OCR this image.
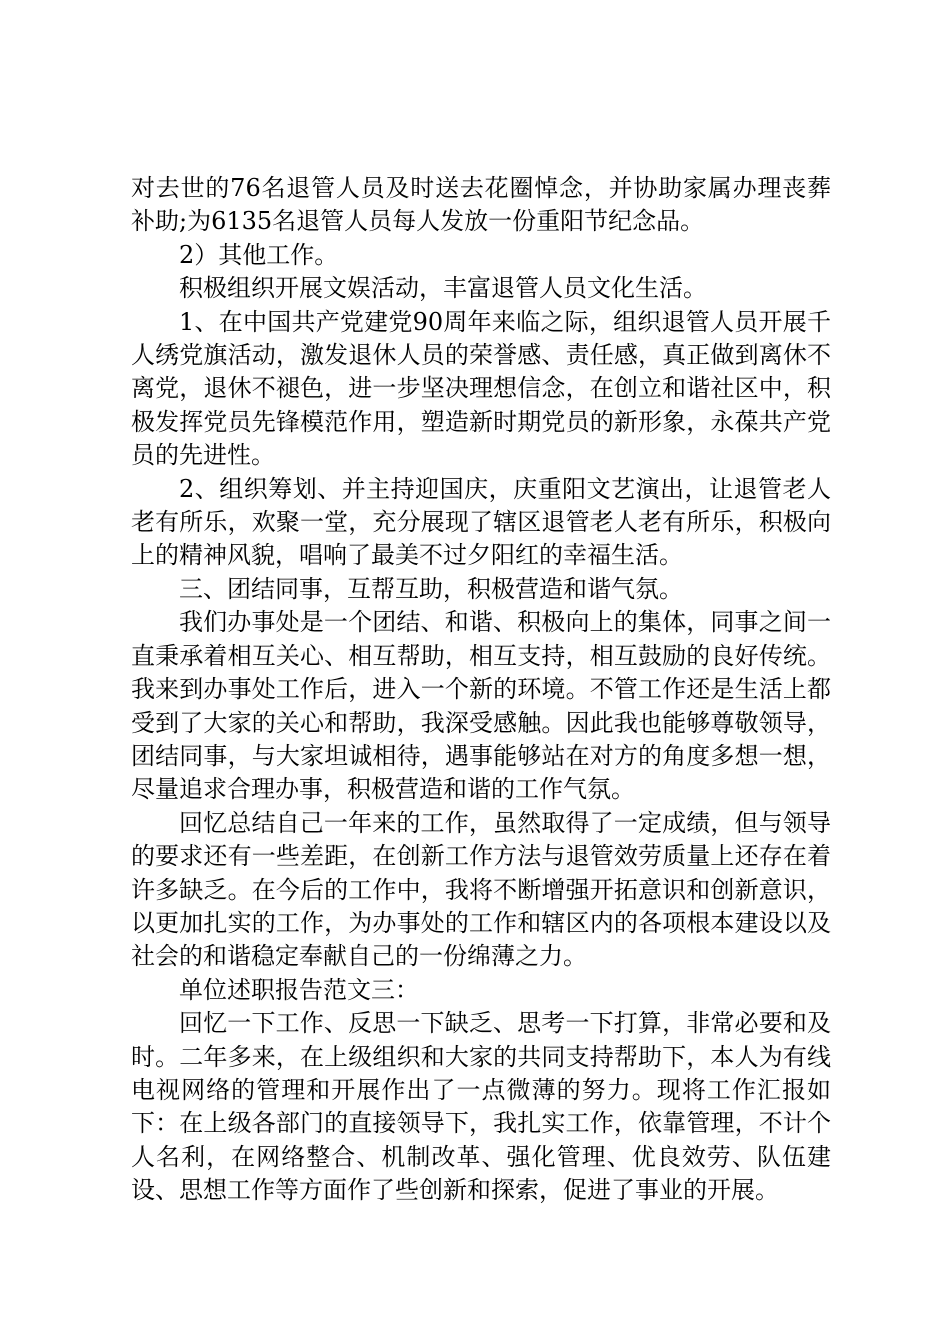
对去世的76名退管人员及时送去花圈悼念，并协助家属办理丧葬补助;为6135名退管人员每人发放一份重阳节纪念品。

2）其他工作。

积极组织开展文娱活动，丰富退管人员文化生活。

1、在中国共产党建党90周年来临之际，组织退管人员开展千人绣党旗活动，激发退休人员的荣誉感、责任感，真正做到离休不离党，退休不褪色，进一步坚决理想信念，在创立和谐社区中，积极发挥党员先锋模范作用，塑造新时期党员的新形象，永葆共产党员的先进性。

2、组织筹划、并主持迎国庆，庆重阳文艺演出，让退管老人老有所乐，欢聚一堂，充分展现了辖区退管老人老有所乐，积极向上的精神风貌，唱响了最美不过夕阳红的幸福生活。

三、团结同事，互帮互助，积极营造和谐气氛。

我们办事处是一个团结、和谐、积极向上的集体，同事之间一直秉承着相互关心、相互帮助，相互支持，相互鼓励的良好传统。我来到办事处工作后，进入一个新的环境。不管工作还是生活上都受到了大家的关心和帮助，我深受感触。因此我也能够尊敬领导，团结同事，与大家坦诚相待，遇事能够站在对方的角度多想一想，尽量追求合理办事，积极营造和谐的工作气氛。

回忆总结自己一年来的工作，虽然取得了一定成绩，但与领导的要求还有一些差距，在创新工作方法与退管效劳质量上还存在着许多缺乏。在今后的工作中，我将不断增强开拓意识和创新意识，以更加扎实的工作，为办事处的工作和辖区内的各项根本建设以及社会的和谐稳定奉献自己的一份绵薄之力。

单位述职报告范文三：

回忆一下工作、反思一下缺乏、思考一下打算，非常必要和及时。二年多来，在上级组织和大家的共同支持帮助下，本人为有线电视网络的管理和开展作出了一点微薄的努力。现将工作汇报如下：在上级各部门的直接领导下，我扎实工作，依靠管理，不计个人名利，在网络整合、机制改革、强化管理、优良效劳、队伍建设、思想工作等方面作了些创新和探索，促进了事业的开展。
